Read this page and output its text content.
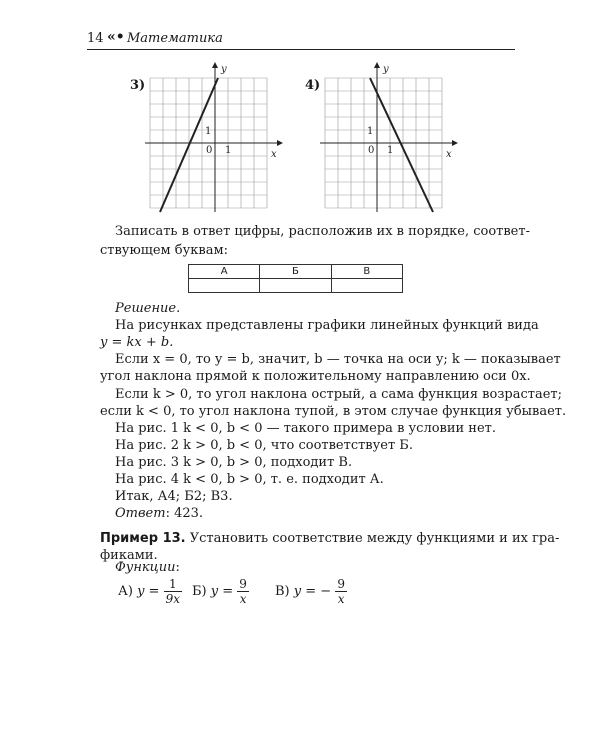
14 «• Математика
3)
y
x
0 1
1
4)
y
x
0 1
1
Записать в ответ цифры, расположив их в порядке, соответ-
ствующем буквам:
А	Б	В

Решение.
На рисунках представлены графики линейных функций вида
y = kx + b.
Если x = 0, то y = b, значит, b — точка на оси y; k — показывает
угол наклона прямой к положительному направлению оси 0x.
Если k > 0, то угол наклона острый, а сама функция возрастает;
если k < 0, то угол наклона тупой, в этом случае функция убывает.
На рис. 1 k < 0, b < 0 — такого примера в условии нет.
На рис. 2 k > 0, b < 0, что соответствует Б.
На рис. 3 k > 0, b > 0, подходит В.
На рис. 4 k < 0, b > 0, т. е. подходит А.
Итак, А4; Б2; В3.
Ответ: 423.
Пример 13. Установить соответствие между функциями и их гра-
фиками.
Функции:
А) $y = \frac{1}{9x} Б$) $y = \frac{9}{x} В$) y = − $\frac{9}{x}$
